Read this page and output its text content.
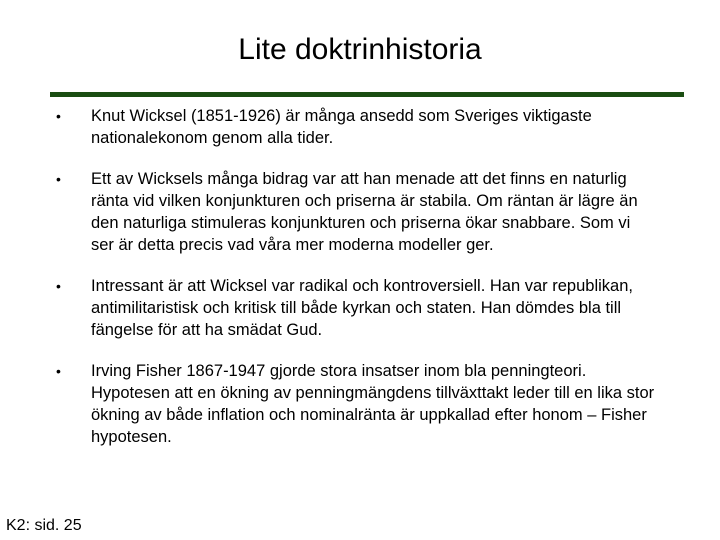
Lite doktrinhistoria
• Knut Wicksel (1851-1926) är många ansedd som Sveriges viktigaste nationalekonom genom alla tider.
• Ett av Wicksels många bidrag var att han menade att det finns en naturlig ränta vid vilken konjunkturen och priserna är stabila. Om räntan är lägre än den naturliga stimuleras konjunkturen och priserna ökar snabbare. Som vi ser är detta precis vad våra mer moderna modeller ger.
• Intressant är att Wicksel var radikal och kontroversiell. Han var republikan, antimilitaristisk och kritisk till både kyrkan och staten. Han dömdes bla till fängelse för att ha smädat Gud.
• Irving Fisher 1867-1947 gjorde stora insatser inom bla penningteori. Hypotesen att en ökning av penningmängdens tillväxttakt leder till en lika stor ökning av både inflation och nominalränta är uppkallad efter honom – Fisher hypotesen.
K2: sid. 25
